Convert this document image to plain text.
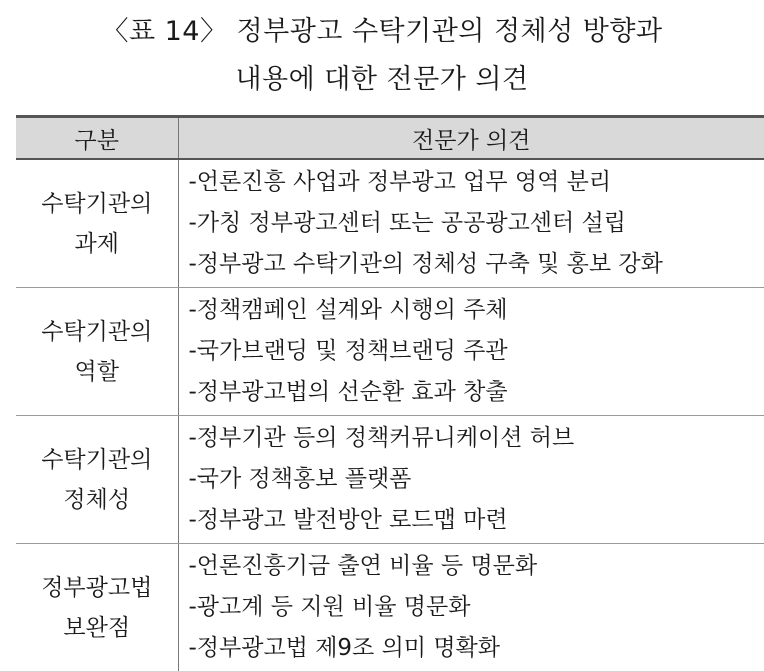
〈표 14〉 정부광고 수탁기관의 정체성 방향과
내용에 대한 전문가 의견
구분	전문가 의견

수탁기관의
과제	-언론진흥 사업과 정부광고 업무 영역 분리
-가칭 정부광고센터 또는 공공광고센터 설립
-정부광고 수탁기관의 정체성 구축 및 홍보 강화

수탁기관의
역할	-정책캠페인 설계와 시행의 주체
-국가브랜딩 및 정책브랜딩 주관
-정부광고법의 선순환 효과 창출

수탁기관의
정체성	-정부기관 등의 정책커뮤니케이션 허브
-국가 정책홍보 플랫폼
-정부광고 발전방안 로드맵 마련

정부광고법
보완점	-언론진흥기금 출연 비율 등 명문화
-광고계 등 지원 비율 명문화
-정부광고법 제9조 의미 명확화
